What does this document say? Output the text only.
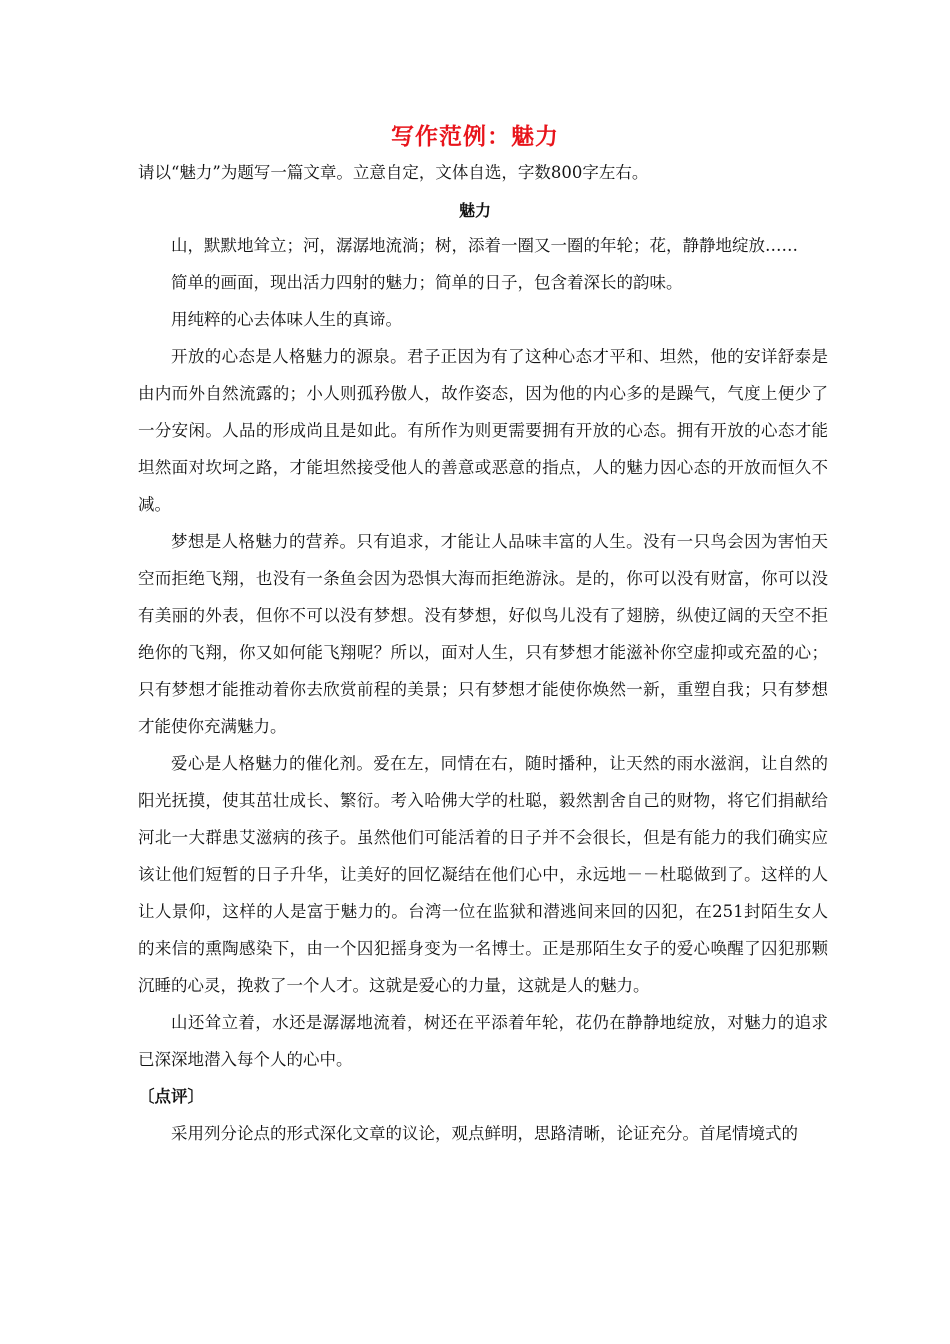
写作范例：魅力
请以“魅力”为题写一篇文章。立意自定，文体自选，字数800字左右。
魅力

山，默默地耸立；河，潺潺地流淌；树，添着一圈又一圈的年轮；花，静静地绽放……

简单的画面，现出活力四射的魅力；简单的日子，包含着深长的韵味。

用纯粹的心去体味人生的真谛。

开放的心态是人格魅力的源泉。君子正因为有了这种心态才平和、坦然，他的安详舒泰是由内而外自然流露的；小人则孤矜傲人，故作姿态，因为他的内心多的是躁气，气度上便少了一分安闲。人品的形成尚且是如此。有所作为则更需要拥有开放的心态。拥有开放的心态才能坦然面对坎坷之路，才能坦然接受他人的善意或恶意的指点，人的魅力因心态的开放而恒久不减。

梦想是人格魅力的营养。只有追求，才能让人品味丰富的人生。没有一只鸟会因为害怕天空而拒绝飞翔，也没有一条鱼会因为恐惧大海而拒绝游泳。是的，你可以没有财富，你可以没有美丽的外表，但你不可以没有梦想。没有梦想，好似鸟儿没有了翅膀，纵使辽阔的天空不拒绝你的飞翔，你又如何能飞翔呢？所以，面对人生，只有梦想才能滋补你空虚抑或充盈的心；只有梦想才能推动着你去欣赏前程的美景；只有梦想才能使你焕然一新，重塑自我；只有梦想才能使你充满魅力。

爱心是人格魅力的催化剂。爱在左，同情在右，随时播种，让天然的雨水滋润，让自然的阳光抚摸，使其茁壮成长、繁衍。考入哈佛大学的杜聪，毅然割舍自己的财物，将它们捐献给河北一大群患艾滋病的孩子。虽然他们可能活着的日子并不会很长，但是有能力的我们确实应该让他们短暂的日子升华，让美好的回忆凝结在他们心中，永远地－－杜聪做到了。这样的人让人景仰，这样的人是富于魅力的。台湾一位在监狱和潜逃间来回的囚犯，在251封陌生女人的来信的熏陶感染下，由一个囚犯摇身变为一名博士。正是那陌生女子的爱心唤醒了囚犯那颗沉睡的心灵，挽救了一个人才。这就是爱心的力量，这就是人的魅力。

山还耸立着，水还是潺潺地流着，树还在平添着年轮，花仍在静静地绽放，对魅力的追求已深深地潜入每个人的心中。

〔点评〕

采用列分论点的形式深化文章的议论，观点鲜明，思路清晰，论证充分。首尾情境式的
